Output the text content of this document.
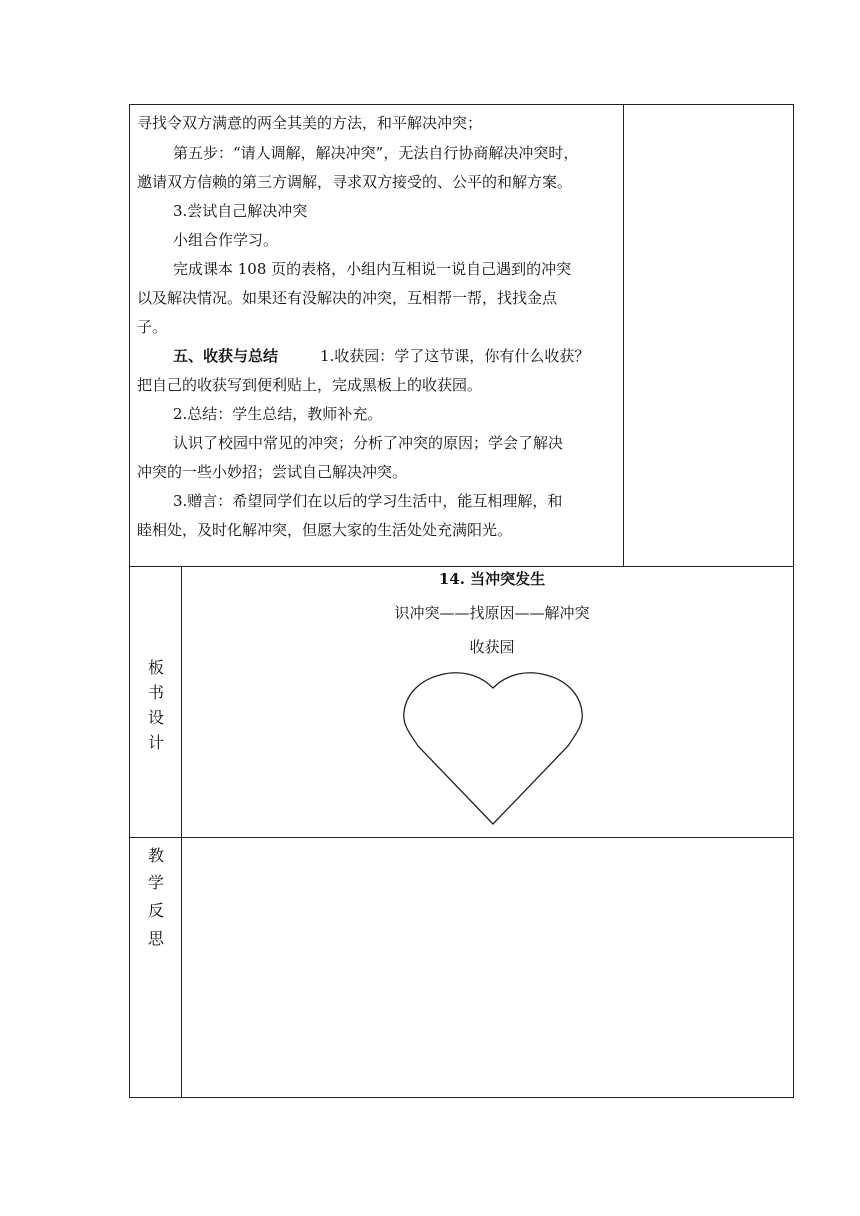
寻找令双方满意的两全其美的方法，和平解决冲突；
第五步：“请人调解，解决冲突”，无法自行协商解决冲突时，
邀请双方信赖的第三方调解，寻求双方接受的、公平的和解方案。
3.尝试自己解决冲突
小组合作学习。
完成课本 108 页的表格，小组内互相说一说自己遇到的冲突
以及解决情况。如果还有没解决的冲突，互相帮一帮，找找金点
子。
五、收获与总结	1.收获园：学了这节课，你有什么收获？
把自己的收获写到便利贴上，完成黑板上的收获园。
2.总结：学生总结，教师补充。
认识了校园中常见的冲突；分析了冲突的原因；学会了解决
冲突的一些小妙招；尝试自己解决冲突。
3.赠言：希望同学们在以后的学习生活中，能互相理解，和
睦相处，及时化解冲突，但愿大家的生活处处充满阳光。
板
书
设
计
14. 当冲突发生
识冲突——找原因——解冲突
收获园
教
学
反
思
